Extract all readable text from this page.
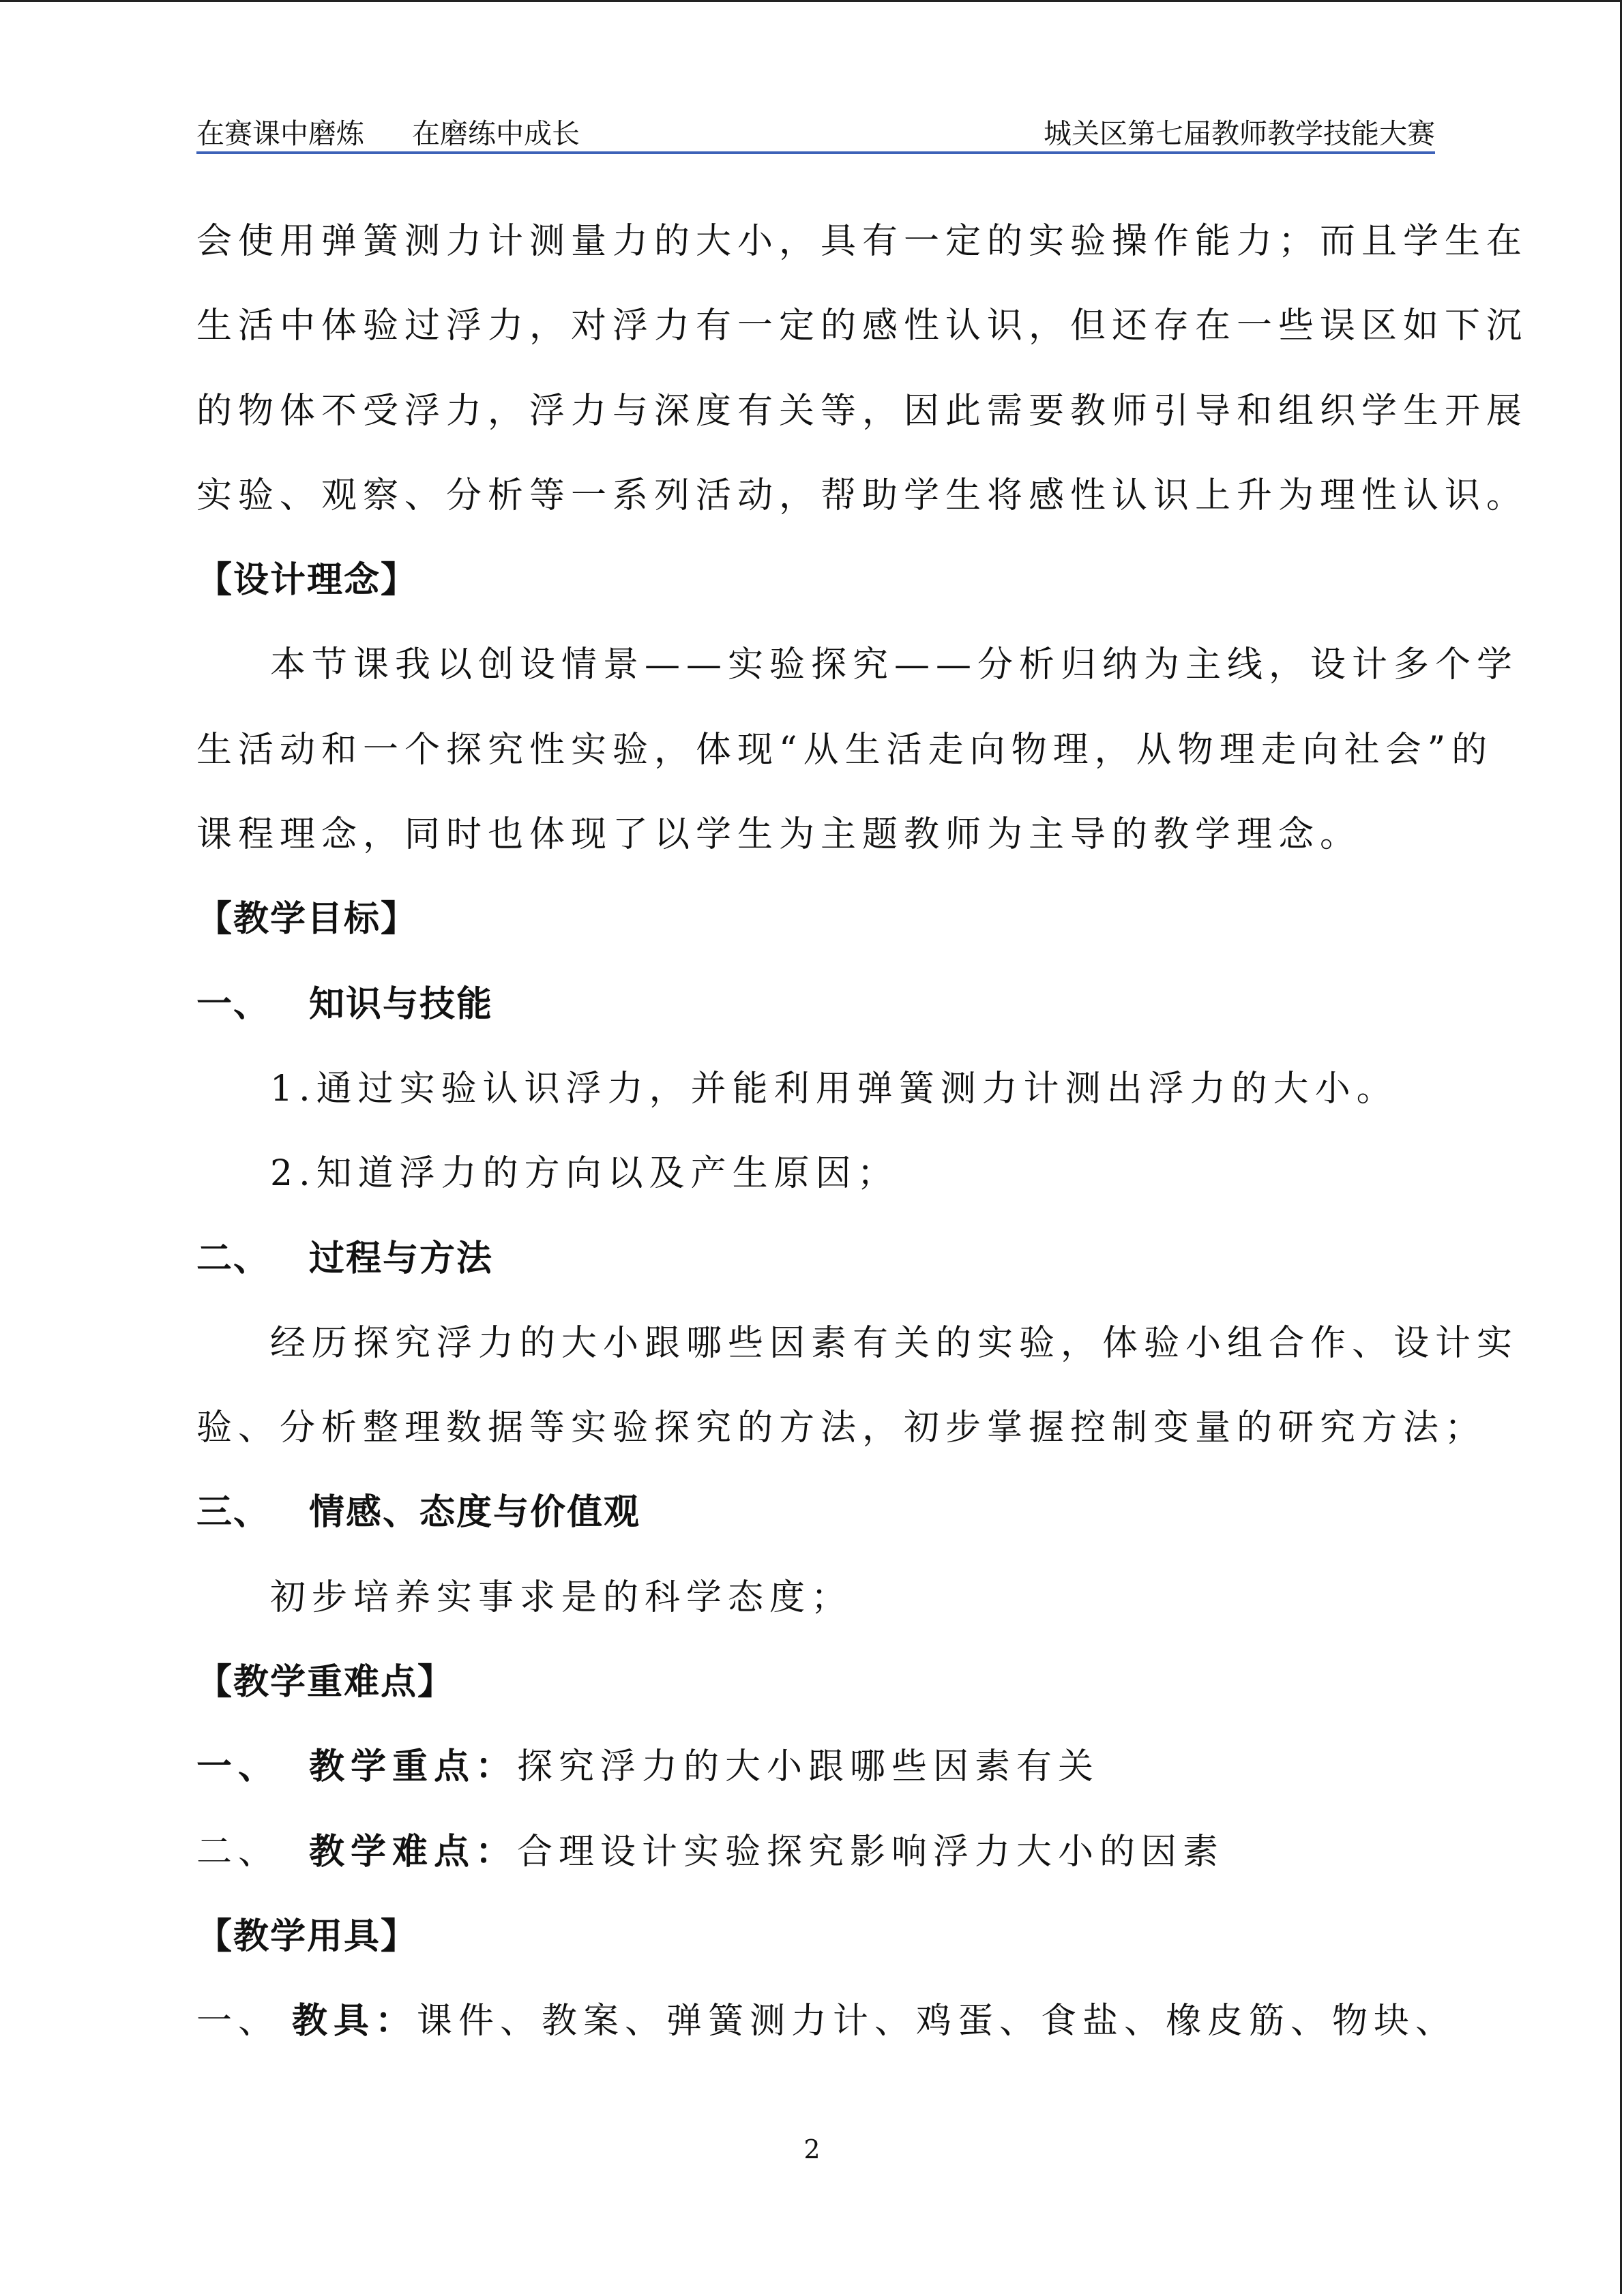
在赛课中磨炼 在磨练中成长	城关区第七届教师教学技能大赛
会使用弹簧测力计测量力的大小，具有一定的实验操作能力；而且学生在
生活中体验过浮力，对浮力有一定的感性认识，但还存在一些误区如下沉
的物体不受浮力，浮力与深度有关等，因此需要教师引导和组织学生开展
实验、观察、分析等一系列活动，帮助学生将感性认识上升为理性认识。
【设计理念】
本节课我以创设情景——实验探究——分析归纳为主线，设计多个学
生活动和一个探究性实验，体现“从生活走向物理，从物理走向社会”的
课程理念，同时也体现了以学生为主题教师为主导的教学理念。
【教学目标】
一、 知识与技能
1.通过实验认识浮力，并能利用弹簧测力计测出浮力的大小。
2.知道浮力的方向以及产生原因；
二、 过程与方法
经历探究浮力的大小跟哪些因素有关的实验，体验小组合作、设计实
验、分析整理数据等实验探究的方法，初步掌握控制变量的研究方法；
三、 情感、态度与价值观
初步培养实事求是的科学态度；
【教学重难点】
一、 教学重点：探究浮力的大小跟哪些因素有关
二、 教学难点：合理设计实验探究影响浮力大小的因素
【教学用具】
一、 教具：课件、教案、弹簧测力计、鸡蛋、食盐、橡皮筋、物块、
2
